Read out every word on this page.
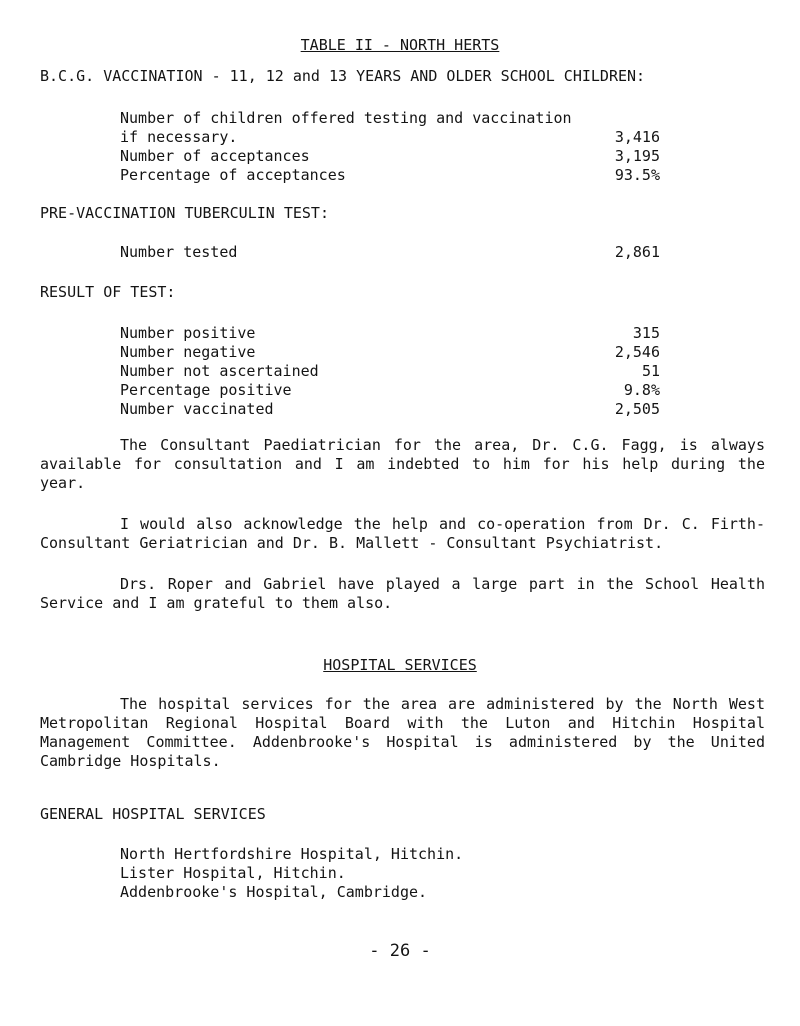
TABLE II - NORTH HERTS
B.C.G. VACCINATION - 11, 12 and 13 YEARS AND OLDER SCHOOL CHILDREN:
Number of children offered testing and vaccination
if necessary.	3,416
Number of acceptances	3,195
Percentage of acceptances	93.5%
PRE-VACCINATION TUBERCULIN TEST:
Number tested	2,861
RESULT OF TEST:
Number positive	315
Number negative	2,546
Number not ascertained	51
Percentage positive	9.8%
Number vaccinated	2,505
The Consultant Paediatrician for the area, Dr. C.G. Fagg, is always available for consultation and I am indebted to him for his help during the year.
I would also acknowledge the help and co-operation from Dr. C. Firth- Consultant Geriatrician and Dr. B. Mallett - Consultant Psychiatrist.
Drs. Roper and Gabriel have played a large part in the School Health Service and I am grateful to them also.
HOSPITAL SERVICES
The hospital services for the area are administered by the North West Metropolitan Regional Hospital Board with the Luton and Hitchin Hospital Management Committee. Addenbrooke's Hospital is administered by the United Cambridge Hospitals.
GENERAL HOSPITAL SERVICES
North Hertfordshire Hospital, Hitchin.
Lister Hospital, Hitchin.
Addenbrooke's Hospital, Cambridge.
- 26 -
